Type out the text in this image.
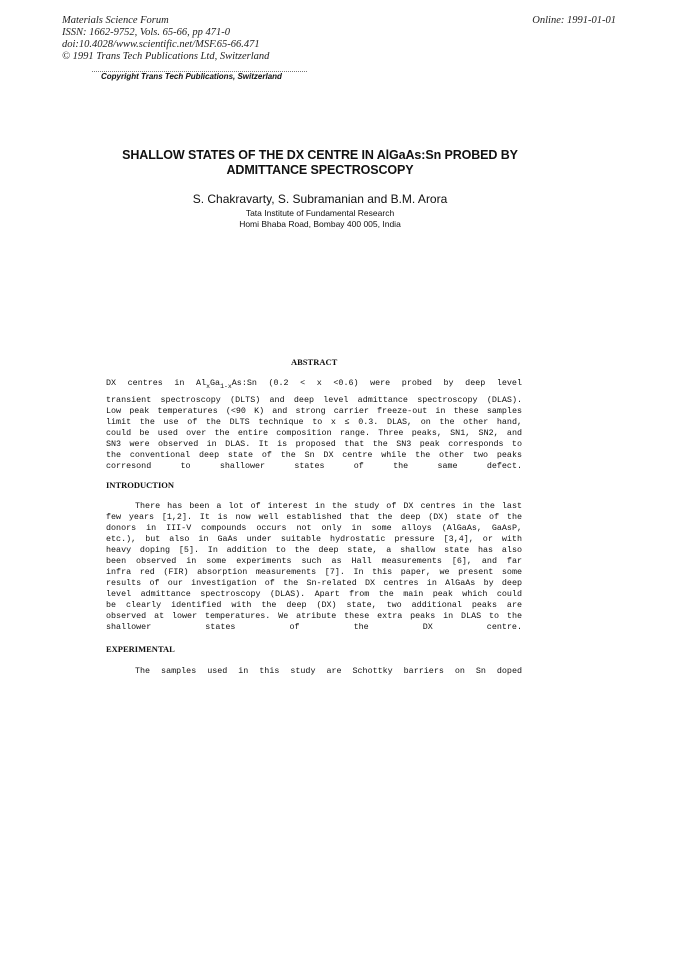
Materials Science Forum
ISSN: 1662-9752, Vols. 65-66, pp 471-0
doi:10.4028/www.scientific.net/MSF.65-66.471
© 1991 Trans Tech Publications Ltd, Switzerland
Online: 1991-01-01
Copyright Trans Tech Publications, Switzerland
SHALLOW STATES OF THE DX CENTRE IN AlGaAs:Sn PROBED BY
ADMITTANCE SPECTROSCOPY
S. Chakravarty, S. Subramanian and B.M. Arora
Tata Institute of Fundamental Research
Homi Bhaba Road, Bombay 400 005, India
ABSTRACT
DX centres in $Al_xGa_{1-x}As:Sn$ (0.2 < x <0.6) were probed by deep level
transient spectroscopy (DLTS) and deep level admittance spectroscopy (DLAS).
Low peak temperatures (<90 K) and strong carrier freeze-out in these samples
limit the use of the DLTS technique to x ≤ 0.3. DLAS, on the other hand,
could be used over the entire composition range. Three peaks, SN1, SN2, and
SN3 were observed in DLAS. It is proposed that the SN3 peak corresponds to
the conventional deep state of the Sn DX centre while the other two peaks
corresond to shallower states of the same defect.
INTRODUCTION
There has been a lot of interest in the study of DX centres in the last
few years [1,2]. It is now well established that the deep (DX) state of the
donors in III-V compounds occurs not only in some alloys (AlGaAs, GaAsP,
etc.), but also in GaAs under suitable hydrostatic pressure [3,4], or with
heavy doping [5]. In addition to the deep state, a shallow state has also
been observed in some experiments such as Hall measurements [6], and far
infra red (FIR) absorption measurements [7]. In this paper, we present some
results of our investigation of the Sn-related DX centres in AlGaAs by deep
level admittance spectroscopy (DLAS). Apart from the main peak which could
be clearly identified with the deep (DX) state, two additional peaks are
observed at lower temperatures. We atribute these extra peaks in DLAS to the
shallower states of the DX centre.
EXPERIMENTAL
The samples used in this study are Schottky barriers on Sn doped
